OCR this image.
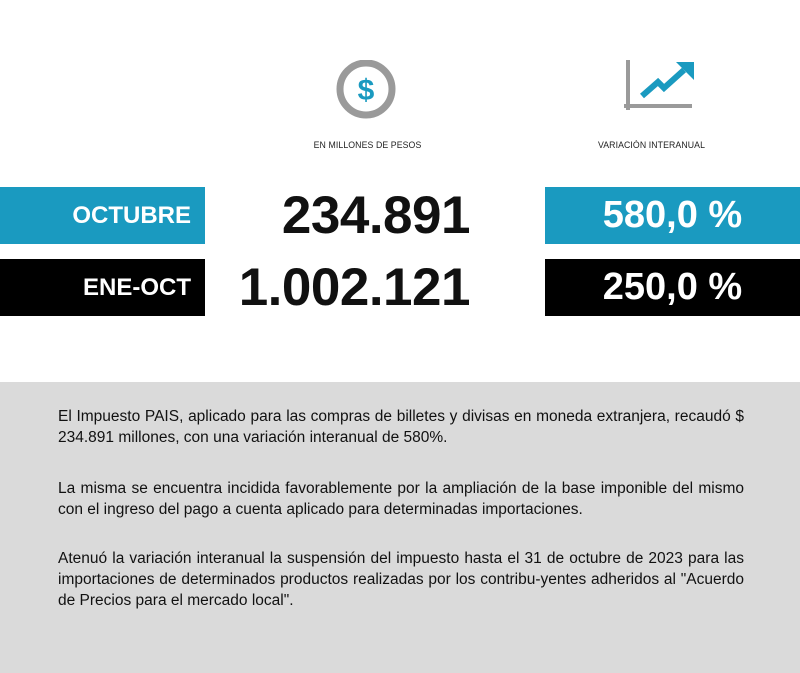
$
EN MILLONES DE PESOS	VARIACIÓN INTERANUAL
OCTUBRE	234.891	580,0 %
ENE-OCT 1.002.121	250,0 %

El Impuesto PAIS, aplicado para las compras de billetes y divisas en moneda extranjera, recaudó $ 234.891 millones, con una variación interanual de 580%.

La misma se encuentra incidida favorablemente por la ampliación de la base imponible del mismo con el ingreso del pago a cuenta aplicado para determinadas importaciones.

Atenuó la variación interanual la suspensión del impuesto hasta el 31 de octubre de 2023 para las importaciones de determinados productos realizadas por los contribu-yentes adheridos al "Acuerdo de Precios para el mercado local".
